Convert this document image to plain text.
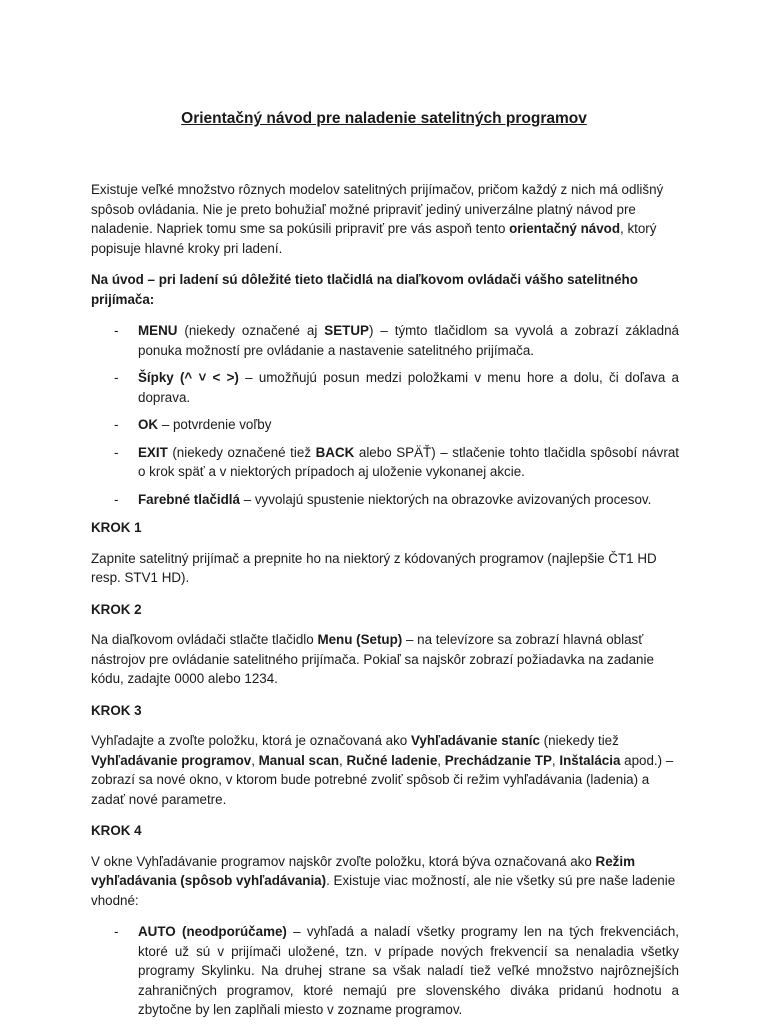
Orientačný návod pre naladenie satelitných programov

Existuje veľké množstvo rôznych modelov satelitných prijímačov, pričom každý z nich má odlišný spôsob ovládania. Nie je preto bohužiaľ možné pripraviť jediný univerzálne platný návod pre naladenie. Napriek tomu sme sa pokúsili pripraviť pre vás aspoň tento orientačný návod, ktorý popisuje hlavné kroky pri ladení.

Na úvod – pri ladení sú dôležité tieto tlačidlá na diaľkovom ovládači vášho satelitného prijímača:

- MENU (niekedy označené aj SETUP) – týmto tlačidlom sa vyvolá a zobrazí základná ponuka možností pre ovládanie a nastavenie satelitného prijímača.
- Šípky (^ ˅ < >) – umožňujú posun medzi položkami v menu hore a dolu, či doľava a doprava.
- OK – potvrdenie voľby
- EXIT (niekedy označené tiež BACK alebo SPÄŤ) – stlačenie tohto tlačidla spôsobí návrat o krok späť a v niektorých prípadoch aj uloženie vykonanej akcie.
- Farebné tlačidlá – vyvolajú spustenie niektorých na obrazovke avizovaných procesov.

KROK 1

Zapnite satelitný prijímač a prepnite ho na niektorý z kódovaných programov (najlepšie ČT1 HD resp. STV1 HD).

KROK 2

Na diaľkovom ovládači stlačte tlačidlo Menu (Setup) – na televízore sa zobrazí hlavná oblasť nástrojov pre ovládanie satelitného prijímača. Pokiaľ sa najskôr zobrazí požiadavka na zadanie kódu, zadajte 0000 alebo 1234.

KROK 3

Vyhľadajte a zvoľte položku, ktorá je označovaná ako Vyhľadávanie staníc (niekedy tiež Vyhľadávanie programov, Manual scan, Ručné ladenie, Prechádzanie TP, Inštalácia apod.) – zobrazí sa nové okno, v ktorom bude potrebné zvoliť spôsob či režim vyhľadávania (ladenia) a zadať nové parametre.

KROK 4

V okne Vyhľadávanie programov najskôr zvoľte položku, ktorá býva označovaná ako Režim vyhľadávania (spôsob vyhľadávania). Existuje viac možností, ale nie všetky sú pre naše ladenie vhodné:

- AUTO (neodporúčame) – vyhľadá a naladí všetky programy len na tých frekvenciách, ktoré už sú v prijímači uložené, tzn. v prípade nových frekvencií sa nenaladia všetky programy Skylinku. Na druhej strane sa však naladí tiež veľké množstvo najrôznejších zahraničných programov, ktoré nemajú pre slovenského diváka pridanú hodnotu a zbytočne by len zaplňali miesto v zozname programov.
